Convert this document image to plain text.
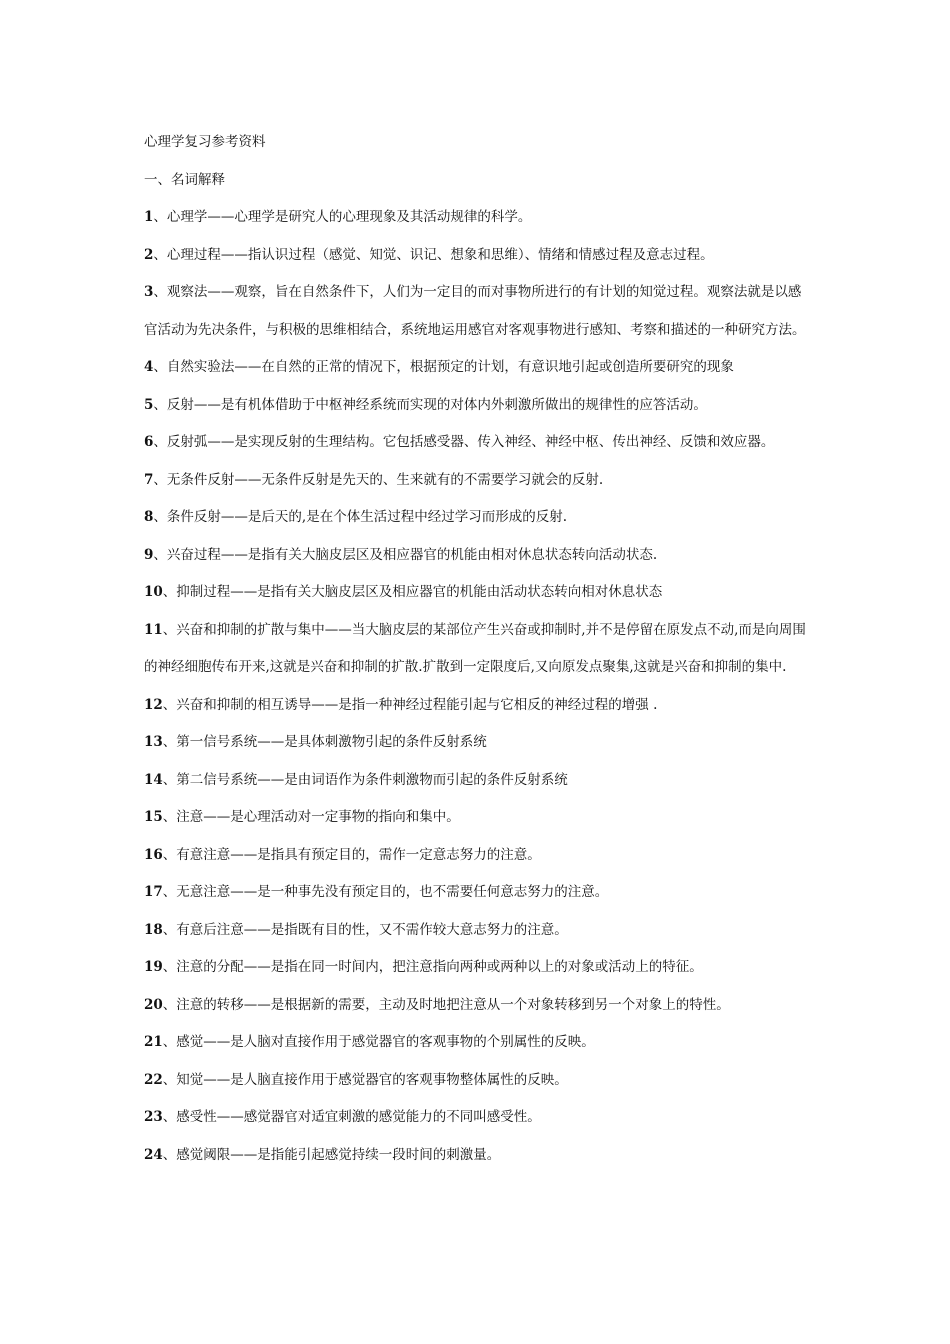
心理学复习参考资料

一、名词解释

1、心理学——心理学是研究人的心理现象及其活动规律的科学。

2、心理过程——指认识过程（感觉、知觉、识记、想象和思维）、情绪和情感过程及意志过程。

3、观察法——观察，旨在自然条件下，人们为一定目的而对事物所进行的有计划的知觉过程。观察法就是以感官活动为先决条件，与积极的思维相结合，系统地运用感官对客观事物进行感知、考察和描述的一种研究方法。

4、自然实验法——在自然的正常的情况下，根据预定的计划，有意识地引起或创造所要研究的现象

5、反射——是有机体借助于中枢神经系统而实现的对体内外刺激所做出的规律性的应答活动。

6、反射弧——是实现反射的生理结构。它包括感受器、传入神经、神经中枢、传出神经、反馈和效应器。

7、无条件反射——无条件反射是先天的、生来就有的不需要学习就会的反射.

8、条件反射——是后天的,是在个体生活过程中经过学习而形成的反射.

9、兴奋过程——是指有关大脑皮层区及相应器官的机能由相对休息状态转向活动状态.

10、抑制过程——是指有关大脑皮层区及相应器官的机能由活动状态转向相对休息状态

11、兴奋和抑制的扩散与集中——当大脑皮层的某部位产生兴奋或抑制时,并不是停留在原发点不动,而是向周围的神经细胞传布开来,这就是兴奋和抑制的扩散.扩散到一定限度后,又向原发点聚集,这就是兴奋和抑制的集中.

12、兴奋和抑制的相互诱导——是指一种神经过程能引起与它相反的神经过程的增强 .

13、第一信号系统——是具体刺激物引起的条件反射系统

14、第二信号系统——是由词语作为条件刺激物而引起的条件反射系统

15、注意——是心理活动对一定事物的指向和集中。

16、有意注意——是指具有预定目的，需作一定意志努力的注意。

17、无意注意——是一种事先没有预定目的，也不需要任何意志努力的注意。

18、有意后注意——是指既有目的性，又不需作较大意志努力的注意。

19、注意的分配——是指在同一时间内，把注意指向两种或两种以上的对象或活动上的特征。

20、注意的转移——是根据新的需要，主动及时地把注意从一个对象转移到另一个对象上的特性。

21、感觉——是人脑对直接作用于感觉器官的客观事物的个别属性的反映。

22、知觉——是人脑直接作用于感觉器官的客观事物整体属性的反映。

23、感受性——感觉器官对适宜刺激的感觉能力的不同叫感受性。

24、感觉阈限——是指能引起感觉持续一段时间的刺激量。
